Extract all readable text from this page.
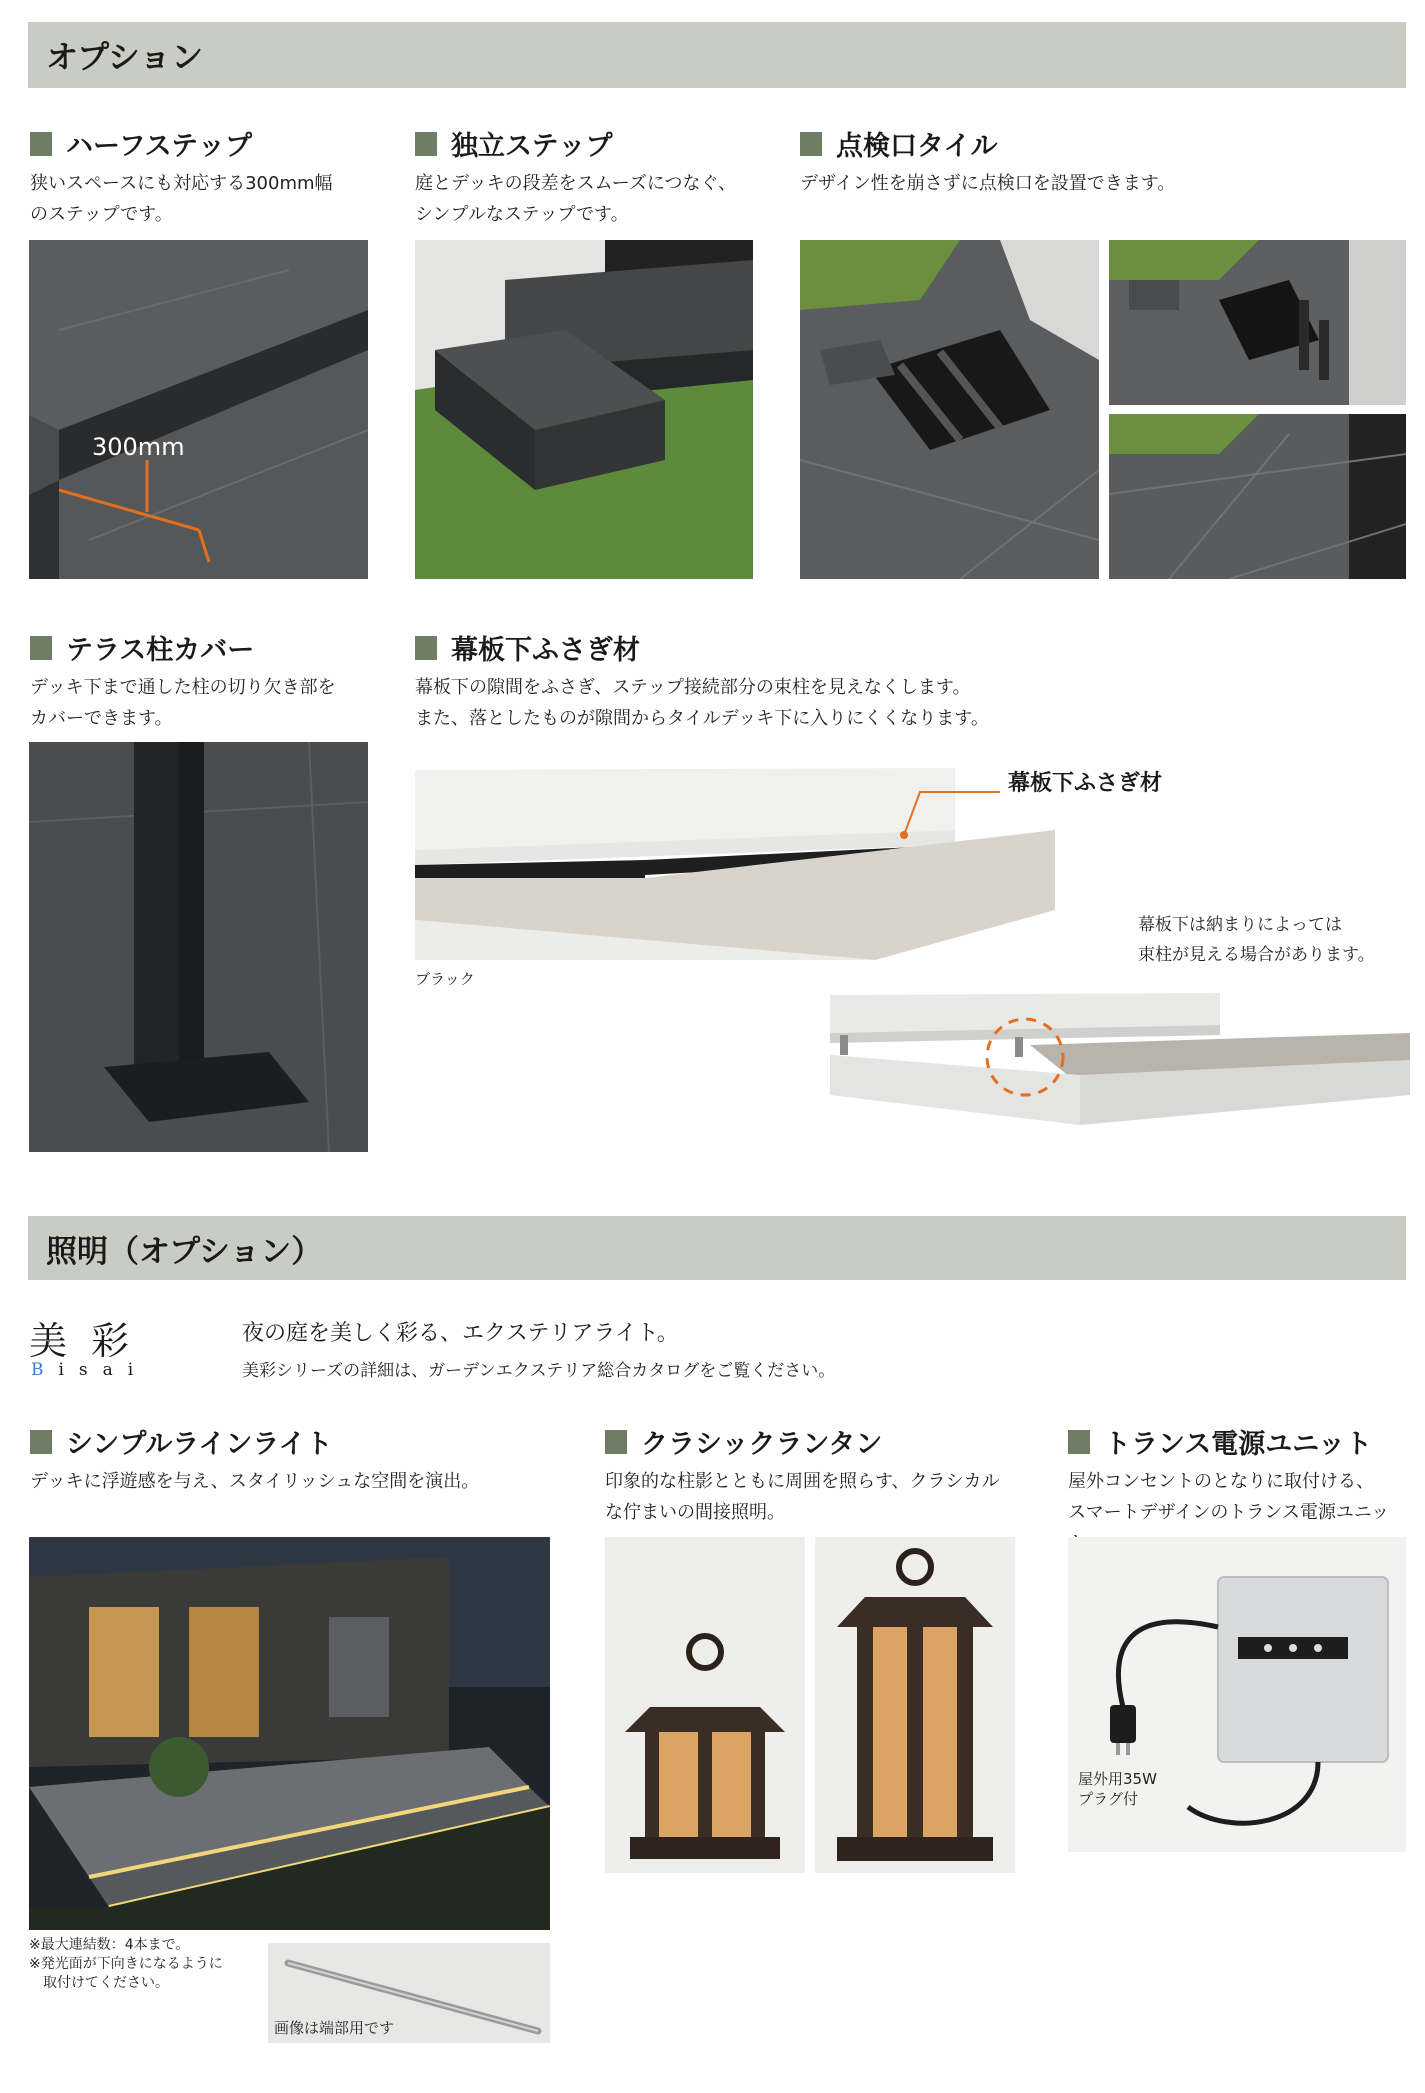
オプション
ハーフステップ
狭いスペースにも対応する300mm幅
のステップです。
300mm
独立ステップ
庭とデッキの段差をスムーズにつなぐ、
シンプルなステップです。
点検口タイル
デザイン性を崩さずに点検口を設置できます。
テラス柱カバー
デッキ下まで通した柱の切り欠き部を
カバーできます。
幕板下ふさぎ材
幕板下の隙間をふさぎ、ステップ接続部分の束柱を見えなくします。
また、落としたものが隙間からタイルデッキ下に入りにくくなります。
幕板下ふさぎ材
ブラック
幕板下は納まりによっては
束柱が見える場合があります。
照明（オプション）
美彩
Bisai
夜の庭を美しく彩る、エクステリアライト。
美彩シリーズの詳細は、ガーデンエクステリア総合カタログをご覧ください。
シンプルラインライト
デッキに浮遊感を与え、スタイリッシュな空間を演出。
※最大連結数：4本まで。
※発光面が下向きになるように
　取付けてください。
画像は端部用です
クラシックランタン
印象的な柱影とともに周囲を照らす、クラシカル
な佇まいの間接照明。
トランス電源ユニット
屋外コンセントのとなりに取付ける、
スマートデザインのトランス電源ユニッ
屋外用35W
プラグ付
